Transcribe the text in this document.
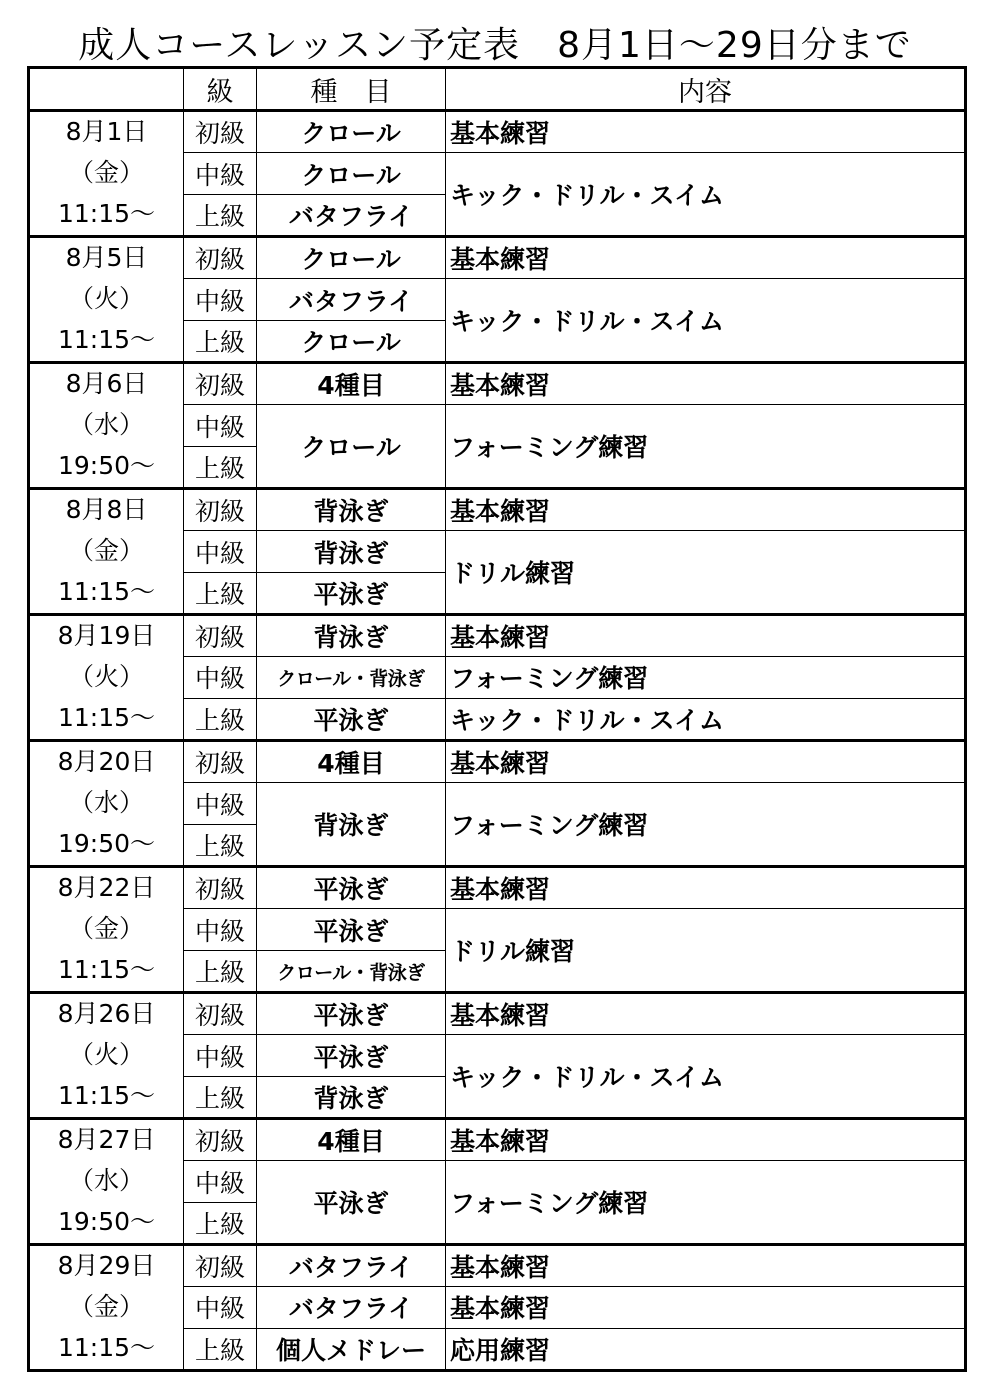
成人コースレッスン予定表　8月1日～29日分まで
	級	種　目	内容

8月1日
（金）
11:15～	初級	クロール	基本練習
	中級	クロール	キック・ドリル・スイム
	上級	バタフライ	

8月5日
（火）
11:15～	初級	クロール	基本練習
	中級	バタフライ	キック・ドリル・スイム
	上級	クロール	

8月6日
（水）
19:50～	初級	4種目	基本練習
	中級	クロール	フォーミング練習
	上級		

8月8日
（金）
11:15～	初級	背泳ぎ	基本練習
	中級	背泳ぎ	ドリル練習
	上級	平泳ぎ	

8月19日
（火）
11:15～	初級	背泳ぎ	基本練習
	中級	クロール・背泳ぎ	フォーミング練習
	上級	平泳ぎ	キック・ドリル・スイム

8月20日
（水）
19:50～	初級	4種目	基本練習
	中級	背泳ぎ	フォーミング練習
	上級		

8月22日
（金）
11:15～	初級	平泳ぎ	基本練習
	中級	平泳ぎ	ドリル練習
	上級	クロール・背泳ぎ	

8月26日
（火）
11:15～	初級	平泳ぎ	基本練習
	中級	平泳ぎ	キック・ドリル・スイム
	上級	背泳ぎ	

8月27日
（水）
19:50～	初級	4種目	基本練習
	中級	平泳ぎ	フォーミング練習
	上級		

8月29日
（金）
11:15～	初級	バタフライ	基本練習
	中級	バタフライ	基本練習
	上級	個人メドレー	応用練習
